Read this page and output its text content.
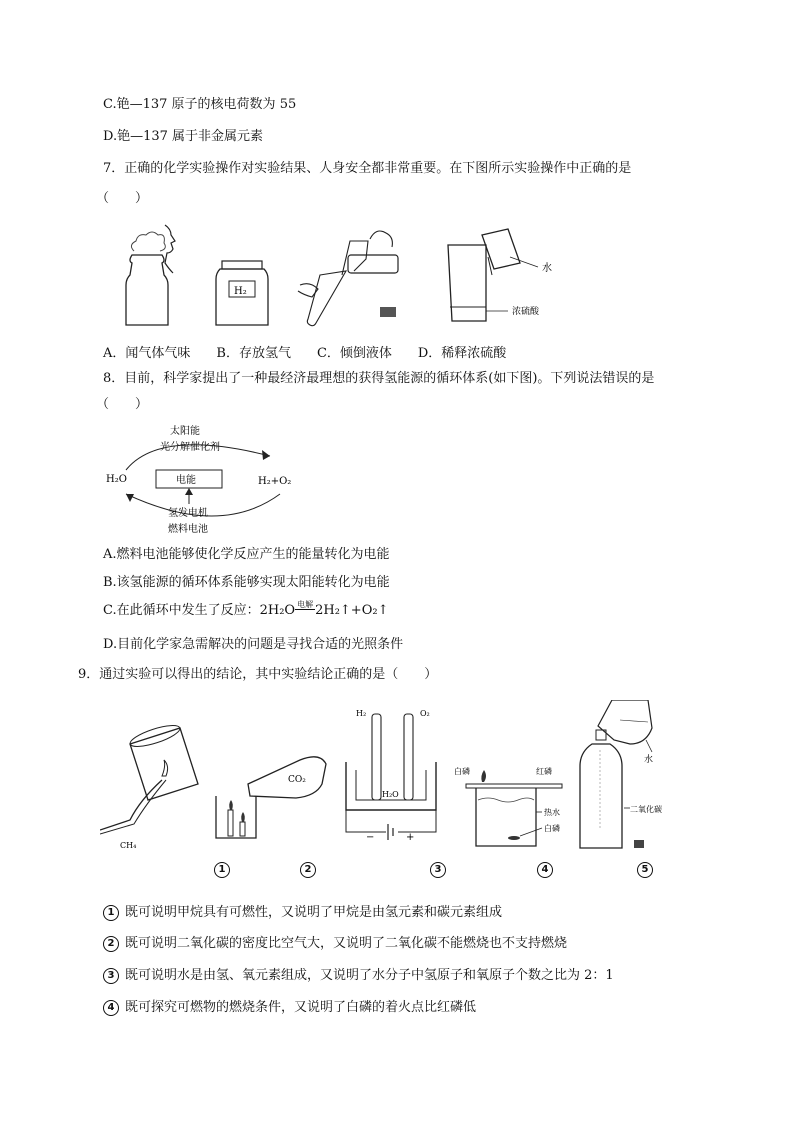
C.铯—137 原子的核电荷数为 55
D.铯—137 属于非金属元素
7．正确的化学实验操作对实验结果、人身安全都非常重要。在下图所示实验操作中正确的是
（　　）
H₂
水
浓硫酸
A．闻气体气味　　B．存放氢气　　C．倾倒液体　　D．稀释浓硫酸
8．目前，科学家提出了一种最经济最理想的获得氢能源的循环体系(如下图)。下列说法错误的是
（　　）
太阳能
光分解催化剂
H₂O	H₂+O₂
电能
氢发电机
燃料电池
A.燃料电池能够使化学反应产生的能量转化为电能
B.该氢能源的循环体系能够实现太阳能转化为电能
C.在此循环中发生了反应：2H₂O 电解 2H₂↑+O₂↑
D.目前化学家急需解决的问题是寻找合适的光照条件
9．通过实验可以得出的结论，其中实验结论正确的是（　　）
CH₄
CO₂
H₂	O₂
H₂O
−	+
白磷	红磷
热水
白磷
二氧化碳
水
1	2	3	4	5
1 既可说明甲烷具有可燃性，又说明了甲烷是由氢元素和碳元素组成
2 既可说明二氧化碳的密度比空气大，又说明了二氧化碳不能燃烧也不支持燃烧
3 既可说明水是由氢、氧元素组成，又说明了水分子中氢原子和氧原子个数之比为 2：1
4 既可探究可燃物的燃烧条件，又说明了白磷的着火点比红磷低
